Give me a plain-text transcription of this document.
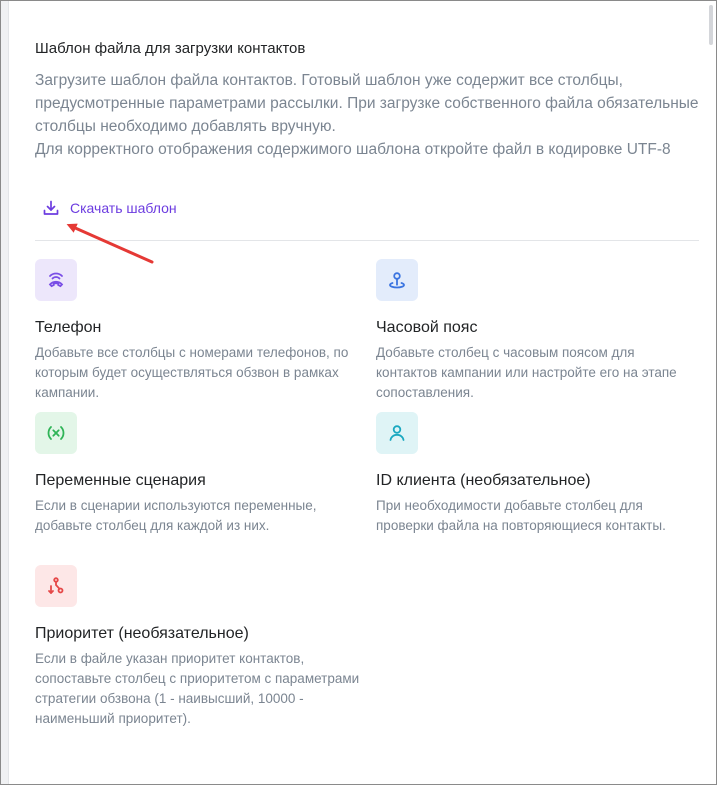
Шаблон файла для загрузки контактов

Загрузите шаблон файла контактов. Готовый шаблон уже содержит все столбцы, предусмотренные параметрами рассылки. При загрузке собственного файла обязательные столбцы необходимо добавлять вручную.

Для корректного отображения содержимого шаблона откройте файл в кодировке UTF-8

Скачать шаблон
Телефон
Добавьте все столбцы с номерами телефонов, по которым будет осуществляться обзвон в рамках кампании.
Часовой пояс
Добавьте столбец с часовым поясом для контактов кампании или настройте его на этапе сопоставления.
Переменные сценария
Если в сценарии используются переменные, добавьте столбец для каждой из них.
ID клиента (необязательное)
При необходимости добавьте столбец для проверки файла на повторяющиеся контакты.
Приоритет (необязательное)
Если в файле указан приоритет контактов, сопоставьте столбец с приоритетом с параметрами стратегии обзвона (1 - наивысший, 10000 - наименьший приоритет).
